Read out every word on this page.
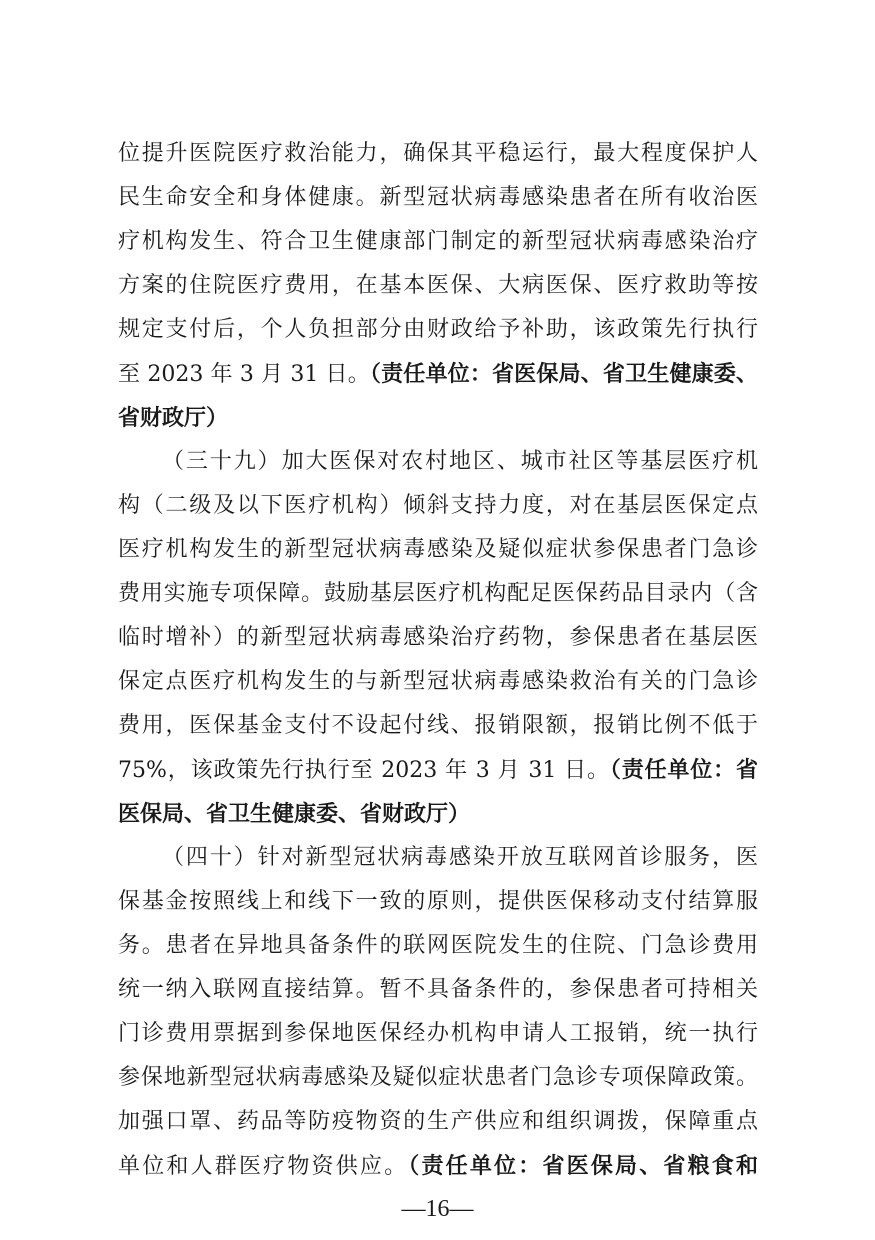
位提升医院医疗救治能力，确保其平稳运行，最大程度保护人
民生命安全和身体健康。新型冠状病毒感染患者在所有收治医
疗机构发生、符合卫生健康部门制定的新型冠状病毒感染治疗
方案的住院医疗费用，在基本医保、大病医保、医疗救助等按
规定支付后，个人负担部分由财政给予补助，该政策先行执行
至 2023 年 3 月 31 日。（责任单位：省医保局、省卫生健康委、
省财政厅）
（三十九）加大医保对农村地区、城市社区等基层医疗机
构（二级及以下医疗机构）倾斜支持力度，对在基层医保定点
医疗机构发生的新型冠状病毒感染及疑似症状参保患者门急诊
费用实施专项保障。鼓励基层医疗机构配足医保药品目录内（含
临时增补）的新型冠状病毒感染治疗药物，参保患者在基层医
保定点医疗机构发生的与新型冠状病毒感染救治有关的门急诊
费用，医保基金支付不设起付线、报销限额，报销比例不低于
75%，该政策先行执行至 2023 年 3 月 31 日。（责任单位：省
医保局、省卫生健康委、省财政厅）
（四十）针对新型冠状病毒感染开放互联网首诊服务，医
保基金按照线上和线下一致的原则，提供医保移动支付结算服
务。患者在异地具备条件的联网医院发生的住院、门急诊费用
统一纳入联网直接结算。暂不具备条件的，参保患者可持相关
门诊费用票据到参保地医保经办机构申请人工报销，统一执行
参保地新型冠状病毒感染及疑似症状患者门急诊专项保障政策。
加强口罩、药品等防疫物资的生产供应和组织调拨，保障重点
单位和人群医疗物资供应。（责任单位：省医保局、省粮食和
—16—
